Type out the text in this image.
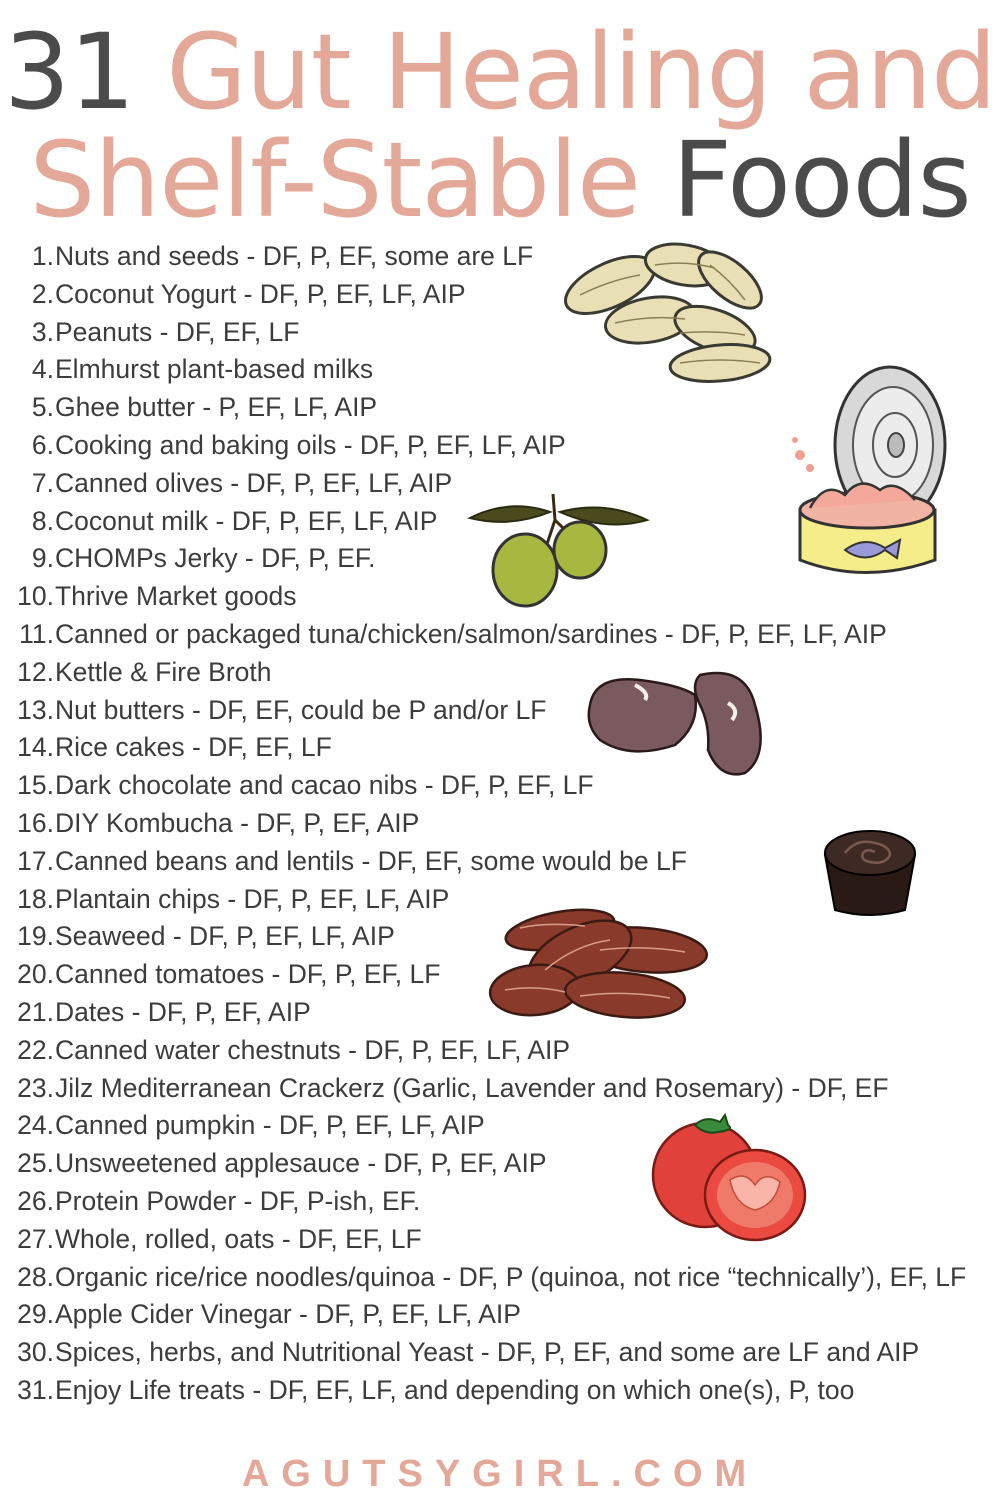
31 Gut Healing and
Shelf-Stable Foods
1. Nuts and seeds - DF, P, EF, some are LF
2. Coconut Yogurt - DF, P, EF, LF, AIP
3. Peanuts - DF, EF, LF
4. Elmhurst plant-based milks
5. Ghee butter - P, EF, LF, AIP
6. Cooking and baking oils - DF, P, EF, LF, AIP
7. Canned olives - DF, P, EF, LF, AIP
8. Coconut milk - DF, P, EF, LF, AIP
9. CHOMPs Jerky - DF, P, EF.
10. Thrive Market goods
11. Canned or packaged tuna/chicken/salmon/sardines - DF, P, EF, LF, AIP
12. Kettle & Fire Broth
13. Nut butters - DF, EF, could be P and/or LF
14. Rice cakes - DF, EF, LF
15. Dark chocolate and cacao nibs - DF, P, EF, LF
16. DIY Kombucha - DF, P, EF, AIP
17. Canned beans and lentils - DF, EF, some would be LF
18. Plantain chips - DF, P, EF, LF, AIP
19. Seaweed - DF, P, EF, LF, AIP
20. Canned tomatoes - DF, P, EF, LF
21. Dates - DF, P, EF, AIP
22. Canned water chestnuts - DF, P, EF, LF, AIP
23. Jilz Mediterranean Crackerz (Garlic, Lavender and Rosemary) - DF, EF
24. Canned pumpkin - DF, P, EF, LF, AIP
25. Unsweetened applesauce - DF, P, EF, AIP
26. Protein Powder - DF, P-ish, EF.
27. Whole, rolled, oats - DF, EF, LF
28. Organic rice/rice noodles/quinoa - DF, P (quinoa, not rice “technically’), EF, LF
29. Apple Cider Vinegar - DF, P, EF, LF, AIP
30. Spices, herbs, and Nutritional Yeast - DF, P, EF, and some are LF and AIP
31. Enjoy Life treats - DF, EF, LF, and depending on which one(s), P, too
AGUTSYGIRL.COM
